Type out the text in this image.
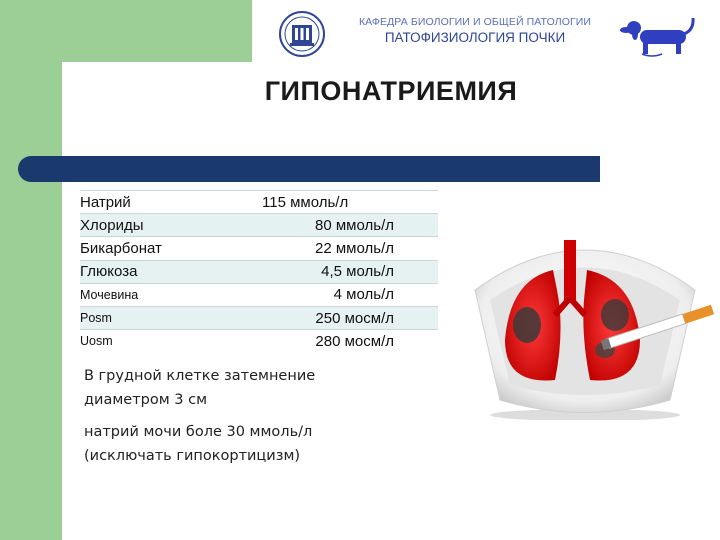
КАФЕДРА БИОЛОГИИ И ОБЩЕЙ ПАТОЛОГИИ
ПАТОФИЗИОЛОГИЯ ПОЧКИ
ГИПОНАТРИЕМИЯ
Натрий	115 ммоль/л
Хлориды	80 ммоль/л
Бикарбонат	22 ммоль/л
Глюкоза	4,5 моль/л
Мочевина	4 моль/л
Posm	250 мосм/л
Uosm	280 мосм/л
В грудной клетке затемнение
диаметром 3 см
натрий мочи боле 30 ммоль/л
(исключать гипокортицизм)
